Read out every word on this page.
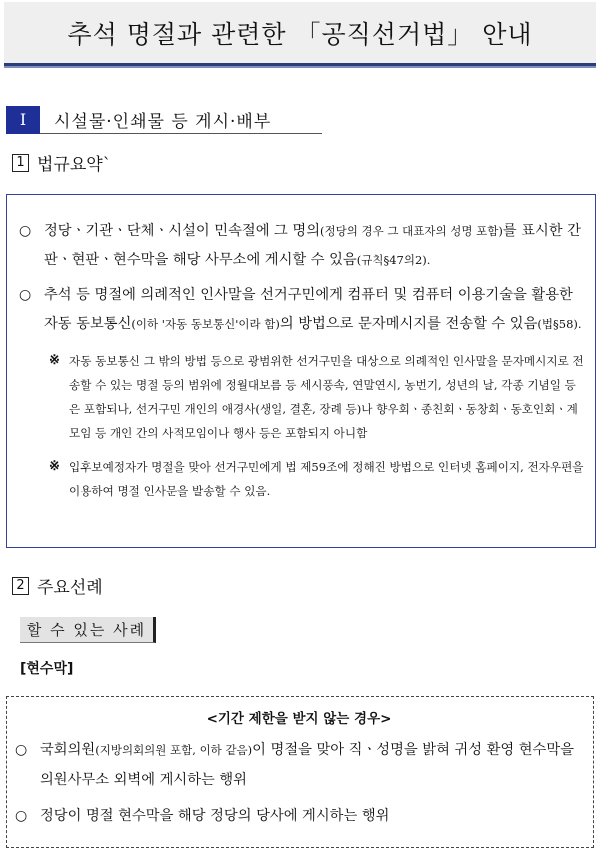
추석 명절과 관련한 「공직선거법」 안내
I	시설물·인쇄물 등 게시·배부
1 법규요약`
○ 정당ㆍ기관ㆍ단체ㆍ시설이 민속절에 그 명의(정당의 경우 그 대표자의 성명 포함)를 표시한 간판ㆍ현판ㆍ현수막을 해당 사무소에 게시할 수 있음(규칙§47의2).
○ 추석 등 명절에 의례적인 인사말을 선거구민에게 컴퓨터 및 컴퓨터 이용기술을 활용한 자동 동보통신(이하 '자동 동보통신'이라 함)의 방법으로 문자메시지를 전송할 수 있음(법§58).
※ 자동 동보통신 그 밖의 방법 등으로 광범위한 선거구민을 대상으로 의례적인 인사말을 문자메시지로 전송할 수 있는 명절 등의 범위에 정월대보름 등 세시풍속, 연말연시, 농번기, 성년의 날, 각종 기념일 등은 포함되나, 선거구민 개인의 애경사(생일, 결혼, 장례 등)나 향우회ㆍ종친회ㆍ동창회ㆍ동호인회ㆍ계모임 등 개인 간의 사적모임이나 행사 등은 포함되지 아니함
※ 입후보예정자가 명절을 맞아 선거구민에게 법 제59조에 정해진 방법으로 인터넷 홈페이지, 전자우편을 이용하여 명절 인사문을 발송할 수 있음.
2 주요선례
할 수 있는 사례
[현수막]
<기간 제한을 받지 않는 경우>
○ 국회의원(지방의회의원 포함, 이하 같음)이 명절을 맞아 직ㆍ성명을 밝혀 귀성 환영 현수막을 의원사무소 외벽에 게시하는 행위
○ 정당이 명절 현수막을 해당 정당의 당사에 게시하는 행위
